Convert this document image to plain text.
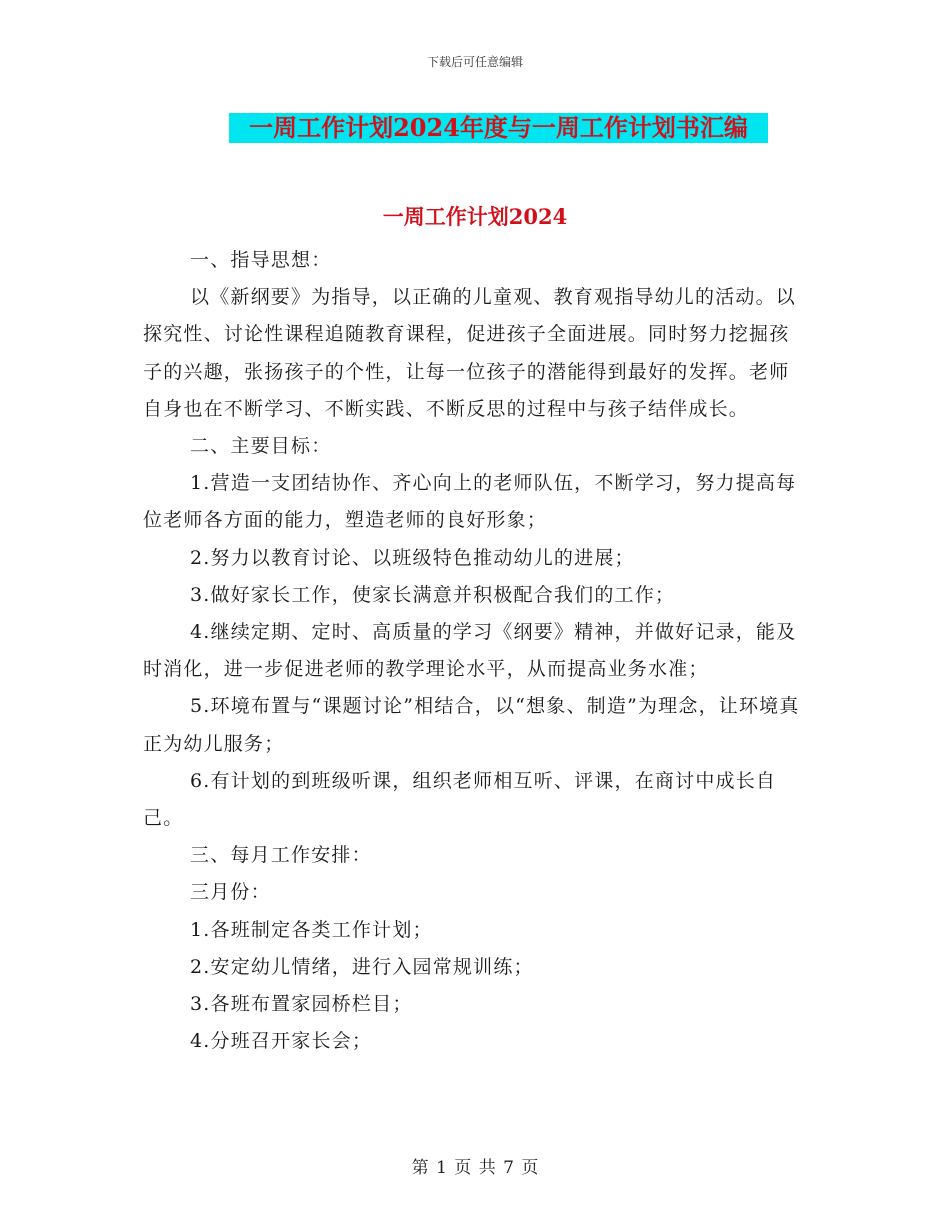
下载后可任意编辑
一周工作计划2024年度与一周工作计划书汇编
一周工作计划2024

一、指导思想：

以《新纲要》为指导，以正确的儿童观、教育观指导幼儿的活动。以探究性、讨论性课程追随教育课程，促进孩子全面进展。同时努力挖掘孩子的兴趣，张扬孩子的个性，让每一位孩子的潜能得到最好的发挥。老师自身也在不断学习、不断实践、不断反思的过程中与孩子结伴成长。

二、主要目标：

1.营造一支团结协作、齐心向上的老师队伍，不断学习，努力提高每位老师各方面的能力，塑造老师的良好形象；

2.努力以教育讨论、以班级特色推动幼儿的进展；

3.做好家长工作，使家长满意并积极配合我们的工作；

4.继续定期、定时、高质量的学习《纲要》精神，并做好记录，能及时消化，进一步促进老师的教学理论水平，从而提高业务水准；

5.环境布置与“课题讨论”相结合，以“想象、制造”为理念，让环境真正为幼儿服务；

6.有计划的到班级听课，组织老师相互听、评课，在商讨中成长自己。

三、每月工作安排：

三月份：

1.各班制定各类工作计划；

2.安定幼儿情绪，进行入园常规训练；

3.各班布置家园桥栏目；

4.分班召开家长会；

第 1 页 共 7 页
